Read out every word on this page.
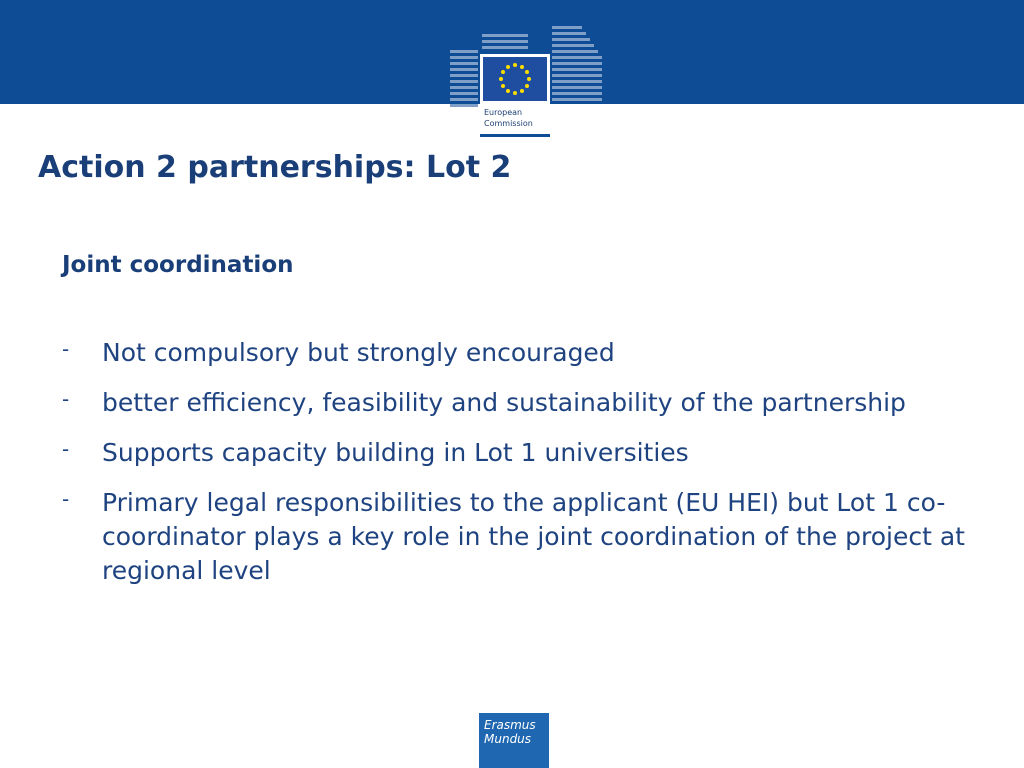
European
Commission
Action 2 partnerships: Lot 2
Joint coordination
- Not compulsory but strongly encouraged
- better efficiency, feasibility and sustainability of the partnership
- Supports capacity building in Lot 1 universities
- Primary legal responsibilities to the applicant (EU HEI) but Lot 1 co-coordinator plays a key role in the joint coordination of the project at regional level
Erasmus
Mundus
